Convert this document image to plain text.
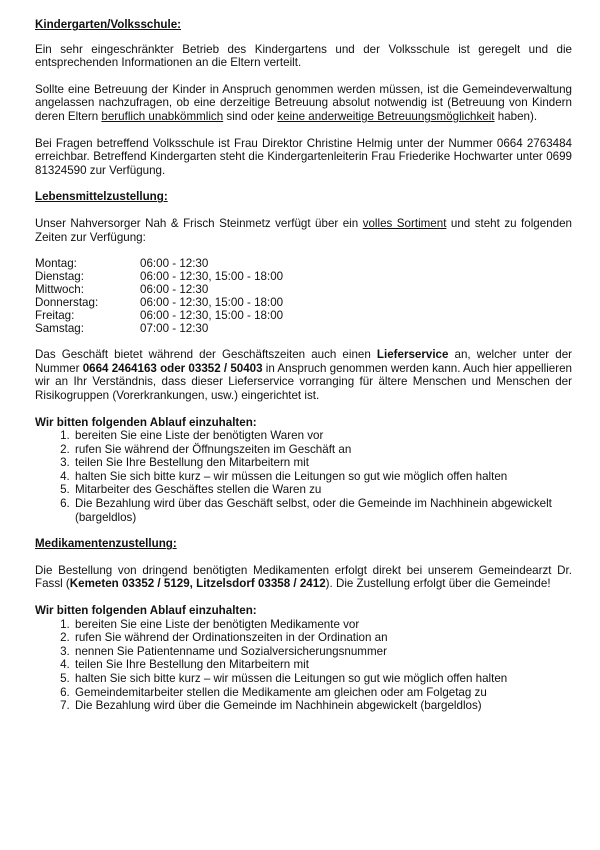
Kindergarten/Volksschule:

Ein sehr eingeschränkter Betrieb des Kindergartens und der Volksschule ist geregelt und die entsprechenden Informationen an die Eltern verteilt.

Sollte eine Betreuung der Kinder in Anspruch genommen werden müssen, ist die Gemeindeverwaltung angelassen nachzufragen, ob eine derzeitige Betreuung absolut notwendig ist (Betreuung von Kindern deren Eltern beruflich unabkömmlich sind oder keine anderweitige Betreuungsmöglichkeit haben).

Bei Fragen betreffend Volksschule ist Frau Direktor Christine Helmig unter der Nummer 0664 2763484 erreichbar. Betreffend Kindergarten steht die Kindergartenleiterin Frau Friederike Hochwarter unter 0699 81324590 zur Verfügung.

Lebensmittelzustellung:

Unser Nahversorger Nah & Frisch Steinmetz verfügt über ein volles Sortiment und steht zu folgenden Zeiten zur Verfügung:

Montag:	06:00 - 12:30
Dienstag:	06:00 - 12:30, 15:00 - 18:00
Mittwoch:	06:00 - 12:30
Donnerstag:	06:00 - 12:30, 15:00 - 18:00
Freitag:	06:00 - 12:30, 15:00 - 18:00
Samstag:	07:00 - 12:30

Das Geschäft bietet während der Geschäftszeiten auch einen Lieferservice an, welcher unter der Nummer 0664 2464163 oder 03352 / 50403 in Anspruch genommen werden kann. Auch hier appellieren wir an Ihr Verständnis, dass dieser Lieferservice vorranging für ältere Menschen und Menschen der Risikogruppen (Vorerkrankungen, usw.) eingerichtet ist.

Wir bitten folgenden Ablauf einzuhalten:
1. bereiten Sie eine Liste der benötigten Waren vor
2. rufen Sie während der Öffnungszeiten im Geschäft an
3. teilen Sie Ihre Bestellung den Mitarbeitern mit
4. halten Sie sich bitte kurz – wir müssen die Leitungen so gut wie möglich offen halten
5. Mitarbeiter des Geschäftes stellen die Waren zu
6. Die Bezahlung wird über das Geschäft selbst, oder die Gemeinde im Nachhinein abgewickelt (bargeldlos)
Medikamentenzustellung:

Die Bestellung von dringend benötigten Medikamenten erfolgt direkt bei unserem Gemeindearzt Dr. Fassl (Kemeten 03352 / 5129, Litzelsdorf 03358 / 2412). Die Zustellung erfolgt über die Gemeinde!

Wir bitten folgenden Ablauf einzuhalten:
1. bereiten Sie eine Liste der benötigten Medikamente vor
2. rufen Sie während der Ordinationszeiten in der Ordination an
3. nennen Sie Patientenname und Sozialversicherungsnummer
4. teilen Sie Ihre Bestellung den Mitarbeitern mit
5. halten Sie sich bitte kurz – wir müssen die Leitungen so gut wie möglich offen halten
6. Gemeindemitarbeiter stellen die Medikamente am gleichen oder am Folgetag zu
7. Die Bezahlung wird über die Gemeinde im Nachhinein abgewickelt (bargeldlos)
